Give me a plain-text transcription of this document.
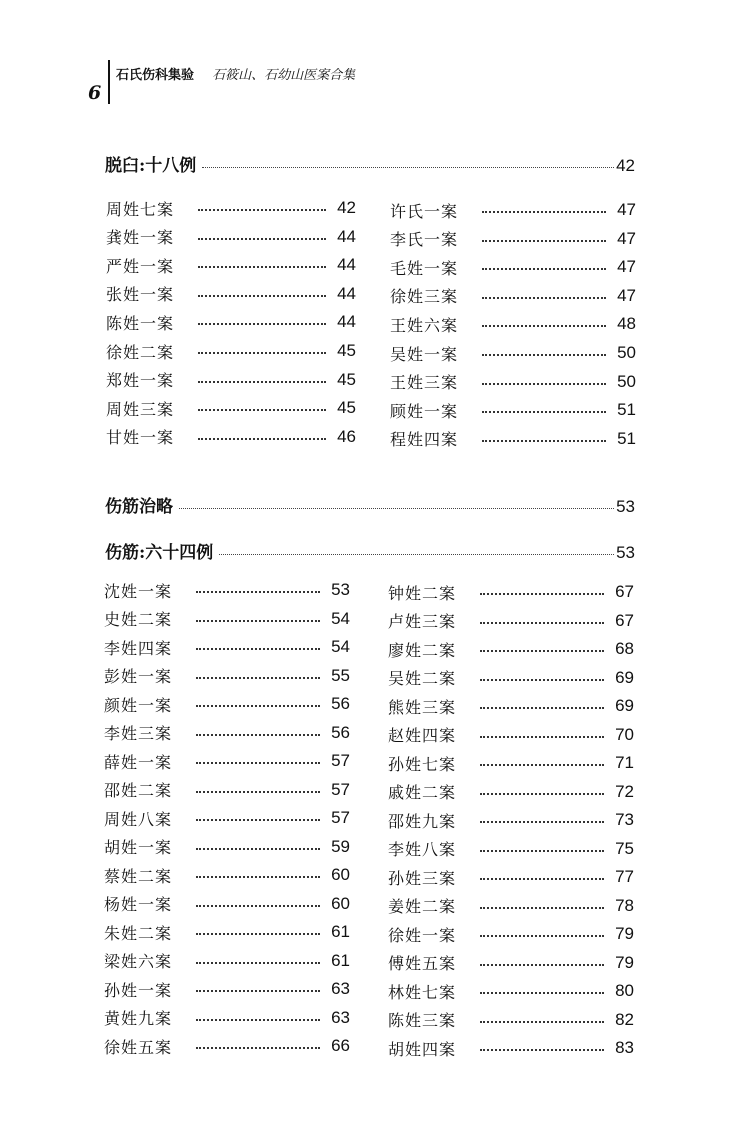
6
石氏伤科集验 石筱山、石幼山医案合集
脱臼:十八例	42
伤筋治略	53
伤筋:六十四例	53
周姓七案	42
龚姓一案	44
严姓一案	44
张姓一案	44
陈姓一案	44
徐姓二案	45
郑姓一案	45
周姓三案	45
甘姓一案	46
许氏一案	47
李氏一案	47
毛姓一案	47
徐姓三案	47
王姓六案	48
吴姓一案	50
王姓三案	50
顾姓一案	51
程姓四案	51
沈姓一案	53
史姓二案	54
李姓四案	54
彭姓一案	55
颜姓一案	56
李姓三案	56
薛姓一案	57
邵姓二案	57
周姓八案	57
胡姓一案	59
蔡姓二案	60
杨姓一案	60
朱姓二案	61
梁姓六案	61
孙姓一案	63
黄姓九案	63
徐姓五案	66
钟姓二案	67
卢姓三案	67
廖姓二案	68
吴姓二案	69
熊姓三案	69
赵姓四案	70
孙姓七案	71
戚姓二案	72
邵姓九案	73
李姓八案	75
孙姓三案	77
姜姓二案	78
徐姓一案	79
傅姓五案	79
林姓七案	80
陈姓三案	82
胡姓四案	83
